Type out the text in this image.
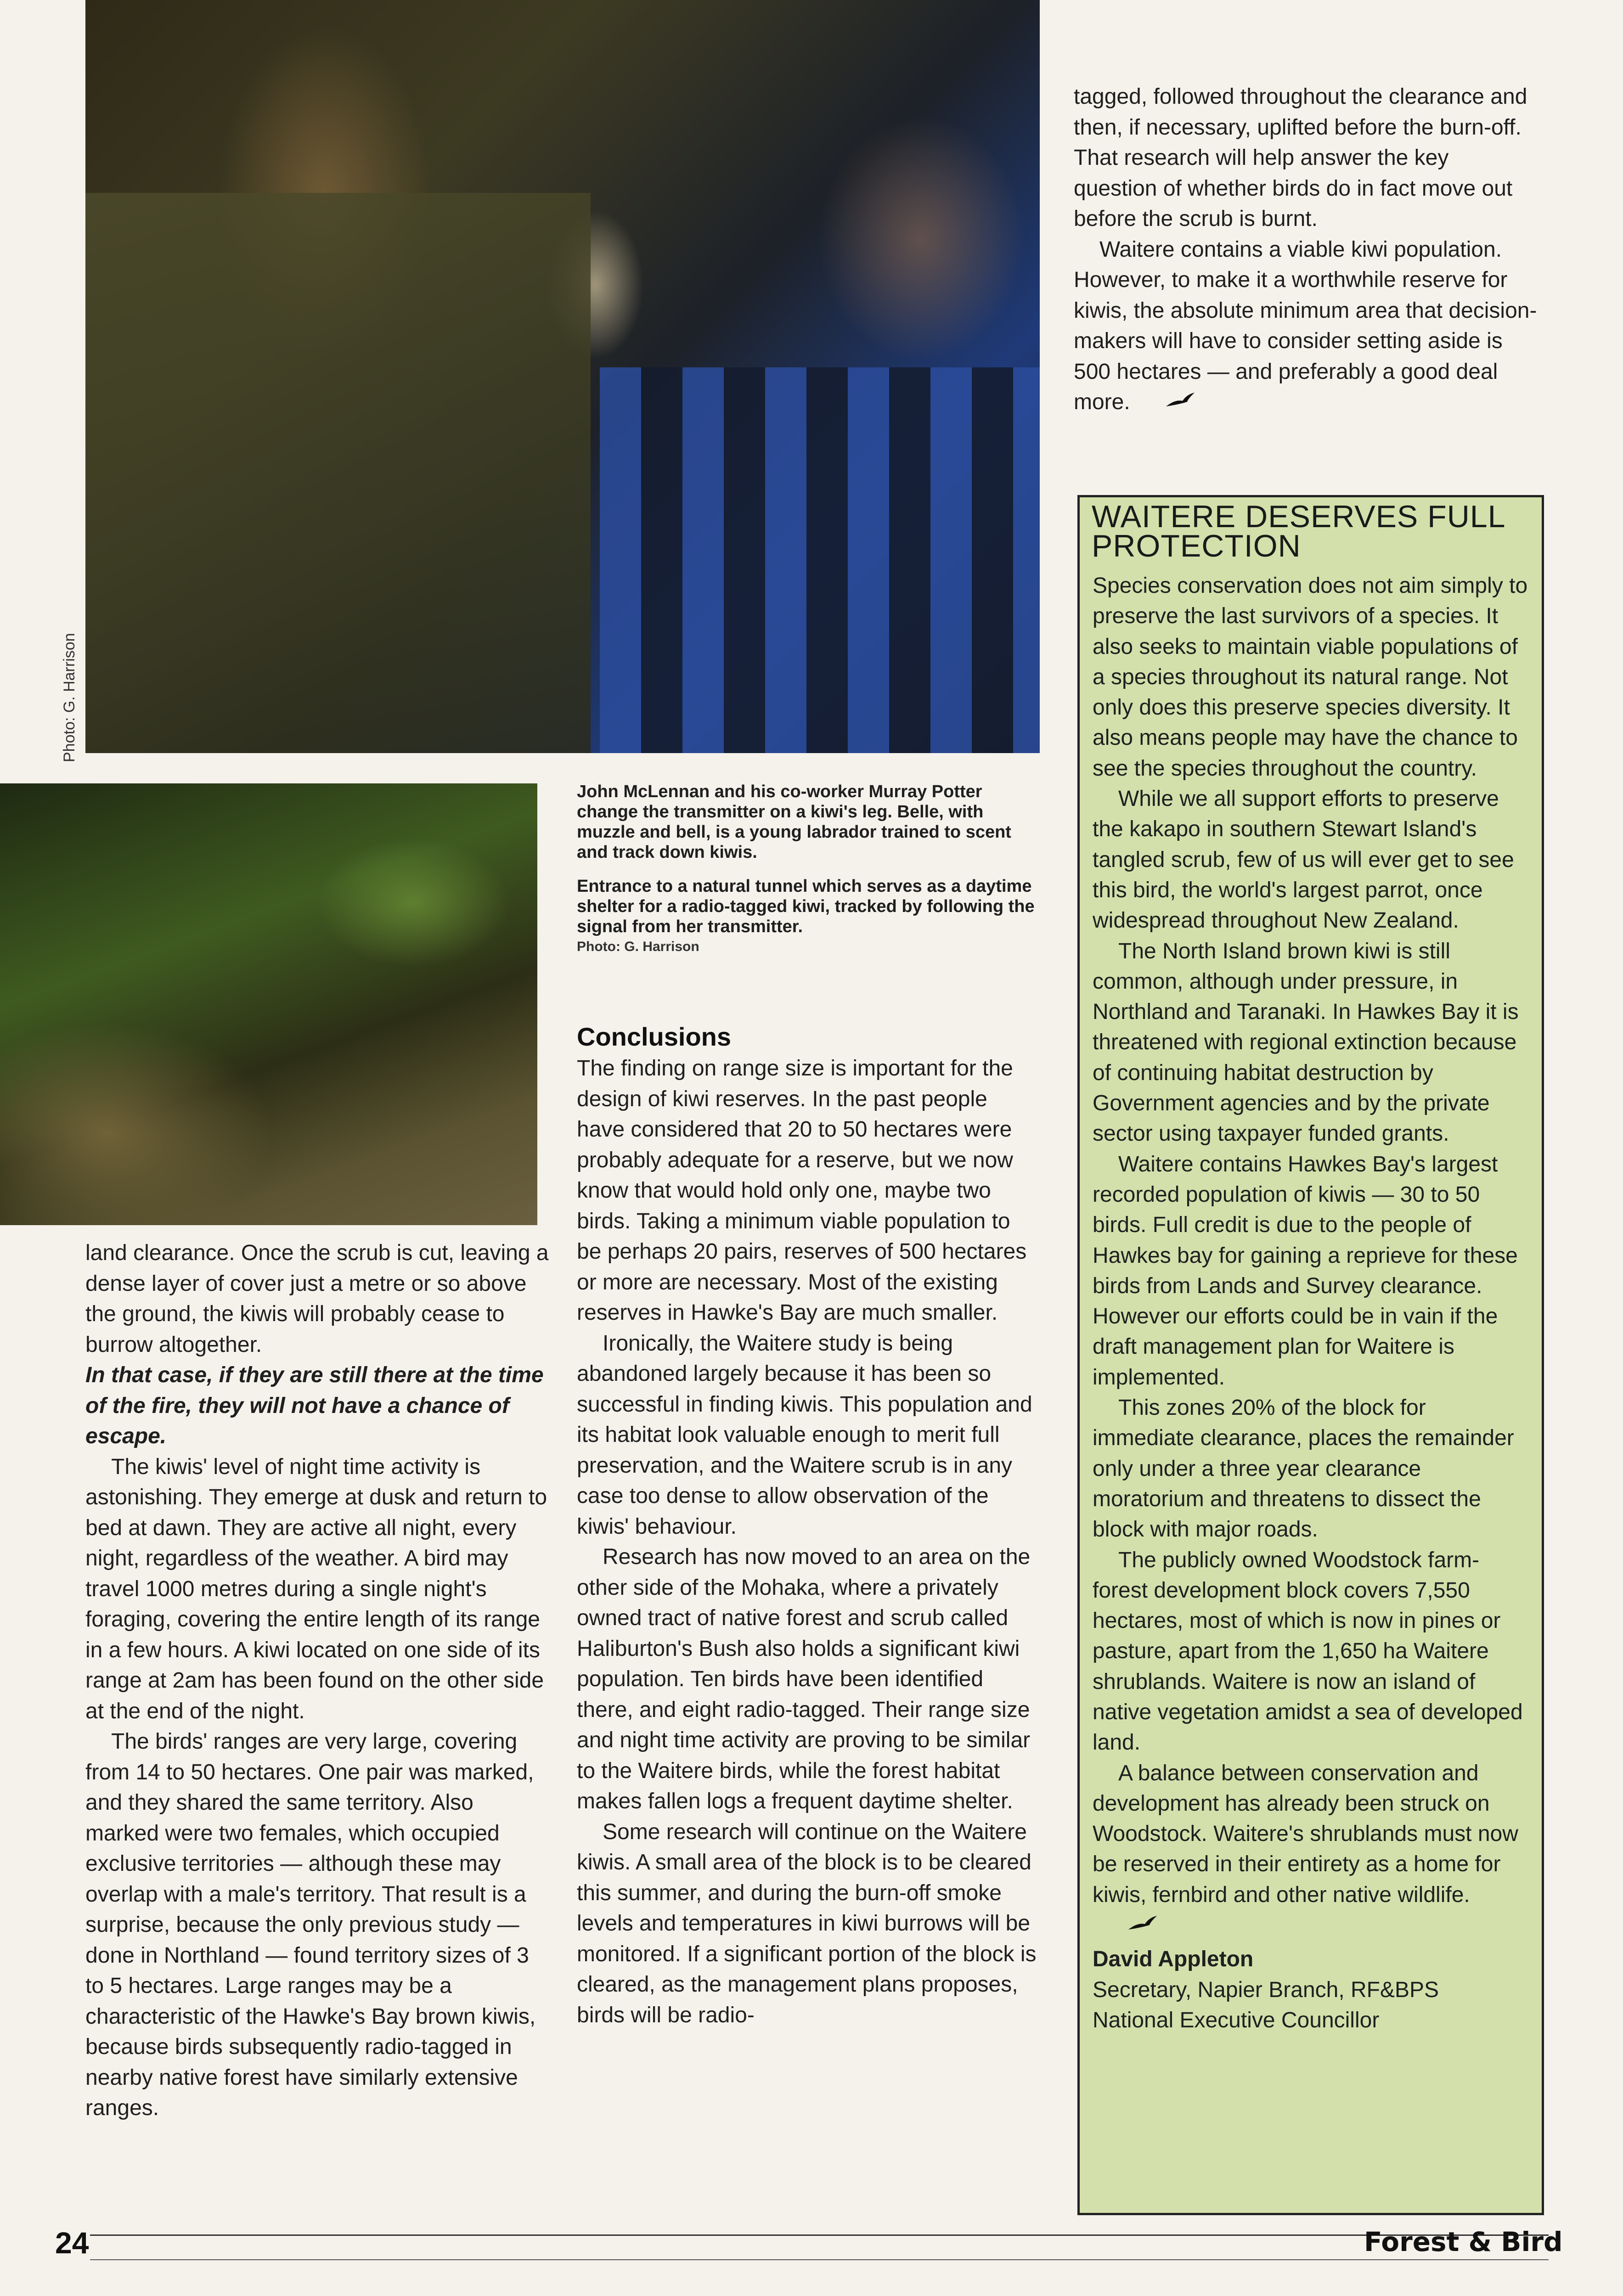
Photo: G. Harrison

John McLennan and his co-worker Murray Potter change the transmitter on a kiwi's leg. Belle, with muzzle and bell, is a young labrador trained to scent and track down kiwis.

Entrance to a natural tunnel which serves as a daytime shelter for a radio-tagged kiwi, tracked by following the signal from her transmitter.

Photo: G. Harrison

land clearance. Once the scrub is cut, leaving a dense layer of cover just a metre or so above the ground, the kiwis will probably cease to burrow altogether.

In that case, if they are still there at the time of the fire, they will not have a chance of escape.

The kiwis' level of night time activity is astonishing. They emerge at dusk and return to bed at dawn. They are active all night, every night, regardless of the weather. A bird may travel 1000 metres during a single night's foraging, covering the entire length of its range in a few hours. A kiwi located on one side of its range at 2am has been found on the other side at the end of the night.

The birds' ranges are very large, covering from 14 to 50 hectares. One pair was marked, and they shared the same territory. Also marked were two females, which occupied exclusive territories — although these may overlap with a male's territory. That result is a surprise, because the only previous study — done in Northland — found territory sizes of 3 to 5 hectares. Large ranges may be a characteristic of the Hawke's Bay brown kiwis, because birds subsequently radio-tagged in nearby native forest have similarly extensive ranges.

Conclusions

The finding on range size is important for the design of kiwi reserves. In the past people have considered that 20 to 50 hectares were probably adequate for a reserve, but we now know that would hold only one, maybe two birds. Taking a minimum viable population to be perhaps 20 pairs, reserves of 500 hectares or more are necessary. Most of the existing reserves in Hawke's Bay are much smaller.

Ironically, the Waitere study is being abandoned largely because it has been so successful in finding kiwis. This population and its habitat look valuable enough to merit full preservation, and the Waitere scrub is in any case too dense to allow observation of the kiwis' behaviour.

Research has now moved to an area on the other side of the Mohaka, where a privately owned tract of native forest and scrub called Haliburton's Bush also holds a significant kiwi population. Ten birds have been identified there, and eight radio-tagged. Their range size and night time activity are proving to be similar to the Waitere birds, while the forest habitat makes fallen logs a frequent daytime shelter.

Some research will continue on the Waitere kiwis. A small area of the block is to be cleared this summer, and during the burn-off smoke levels and temperatures in kiwi burrows will be monitored. If a significant portion of the block is cleared, as the management plans proposes, birds will be radio-

tagged, followed throughout the clearance and then, if necessary, uplifted before the burn-off. That research will help answer the key question of whether birds do in fact move out before the scrub is burnt.

Waitere contains a viable kiwi population. However, to make it a worthwhile reserve for kiwis, the absolute minimum area that decision-makers will have to consider setting aside is 500 hectares — and preferably a good deal more.

WAITERE DESERVES FULL PROTECTION

Species conservation does not aim simply to preserve the last survivors of a species. It also seeks to maintain viable populations of a species throughout its natural range. Not only does this preserve species diversity. It also means people may have the chance to see the species throughout the country.

While we all support efforts to preserve the kakapo in southern Stewart Island's tangled scrub, few of us will ever get to see this bird, the world's largest parrot, once widespread throughout New Zealand.

The North Island brown kiwi is still common, although under pressure, in Northland and Taranaki. In Hawkes Bay it is threatened with regional extinction because of continuing habitat destruction by Government agencies and by the private sector using taxpayer funded grants.

Waitere contains Hawkes Bay's largest recorded population of kiwis — 30 to 50 birds. Full credit is due to the people of Hawkes bay for gaining a reprieve for these birds from Lands and Survey clearance. However our efforts could be in vain if the draft management plan for Waitere is implemented.

This zones 20% of the block for immediate clearance, places the remainder only under a three year clearance moratorium and threatens to dissect the block with major roads.

The publicly owned Woodstock farm-forest development block covers 7,550 hectares, most of which is now in pines or pasture, apart from the 1,650 ha Waitere shrublands. Waitere is now an island of native vegetation amidst a sea of developed land.

A balance between conservation and development has already been struck on Woodstock. Waitere's shrublands must now be reserved in their entirety as a home for kiwis, fernbird and other native wildlife.

David Appleton

Secretary, Napier Branch, RF&BPS

National Executive Councillor

24	Forest & Bird
